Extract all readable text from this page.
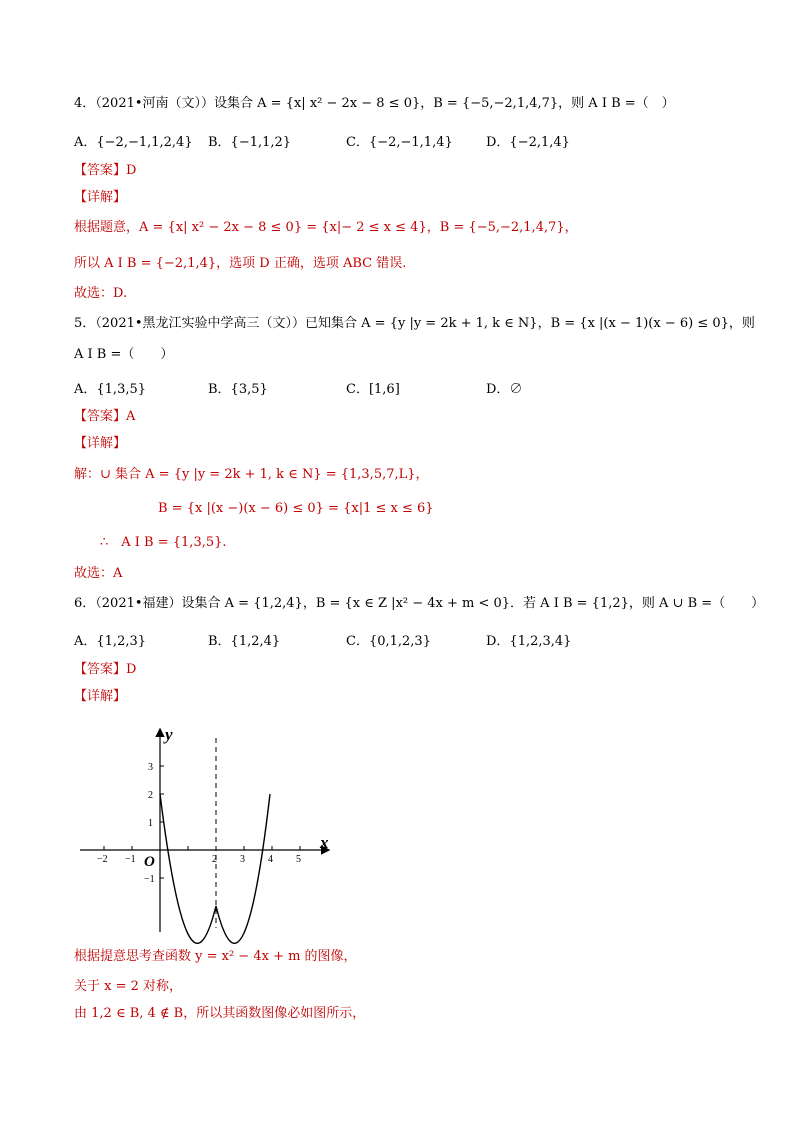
4．（2021•河南（文））设集合 A = {x| x² − 2x − 8 ≤ 0}，B = {−5,−2,1,4,7}，则 A I B =（　）
A．{−2,−1,1,2,4} B．{−1,1,2}	C．{−2,−1,1,4}	D．{−2,1,4}
【答案】D
【详解】
根据题意，A = {x| x² − 2x − 8 ≤ 0} = {x|− 2 ≤ x ≤ 4}，B = {−5,−2,1,4,7}，
所以 A I B = {−2,1,4}，选项 D 正确，选项 ABC 错误.
故选：D.
5．（2021•黑龙江实验中学高三（文））已知集合 A = {y |y = 2k + 1, k ∈ N}，B = {x |(x − 1)(x − 6) ≤ 0}，则
A I B =（　　）
A．{1,3,5}	B．{3,5}	C．[1,6]	D．∅
【答案】A
【详解】
解：∪ 集合 A = {y |y = 2k + 1, k ∈ N} = {1,3,5,7,L}，
B = {x |(x −)(x − 6) ≤ 0} = {x|1 ≤ x ≤ 6}
∴　A I B = {1,3,5}.
故选：A
6．（2021•福建）设集合 A = {1,2,4}，B = {x ∈ Z |x² − 4x + m < 0}．若 A I B = {1,2}，则 A ∪ B =（　　）
A．{1,2,3}	B．{1,2,4}	C．{0,1,2,3}	D．{1,2,3,4}
【答案】D
【详解】
x
y
O
−2 −1	2 3 4 5
3
2
1
−1
根据提意思考查函数 y = x² − 4x + m 的图像，
关于 x = 2 对称，
由 1,2 ∈ B, 4 ∉ B，所以其函数图像必如图所示，
